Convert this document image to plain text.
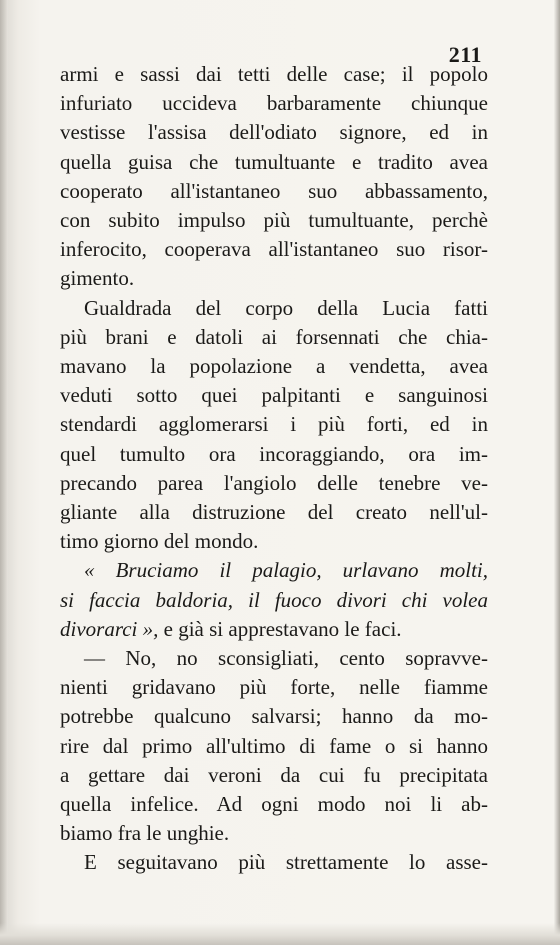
211
armi e sassi dai tetti delle case; il popolo
infuriato uccideva barbaramente chiunque
vestisse l'assisa dell'odiato signore, ed in
quella guisa che tumultuante e tradito avea
cooperato all'istantaneo suo abbassamento,
con subito impulso più tumultuante, perchè
inferocito, cooperava all'istantaneo suo risor-
gimento.
Gualdrada del corpo della Lucia fatti
più brani e datoli ai forsennati che chia-
mavano la popolazione a vendetta, avea
veduti sotto quei palpitanti e sanguinosi
stendardi agglomerarsi i più forti, ed in
quel tumulto ora incoraggiando, ora im-
precando parea l'angiolo delle tenebre ve-
gliante alla distruzione del creato nell'ul-
timo giorno del mondo.
« Bruciamo il palagio, urlavano molti,
si faccia baldoria, il fuoco divori chi volea
divorarci », e già si apprestavano le faci.
— No, no sconsigliati, cento sopravve-
nienti gridavano più forte, nelle fiamme
potrebbe qualcuno salvarsi; hanno da mo-
rire dal primo all'ultimo di fame o si hanno
a gettare dai veroni da cui fu precipitata
quella infelice. Ad ogni modo noi li ab-
biamo fra le unghie.
E seguitavano più strettamente lo asse-
